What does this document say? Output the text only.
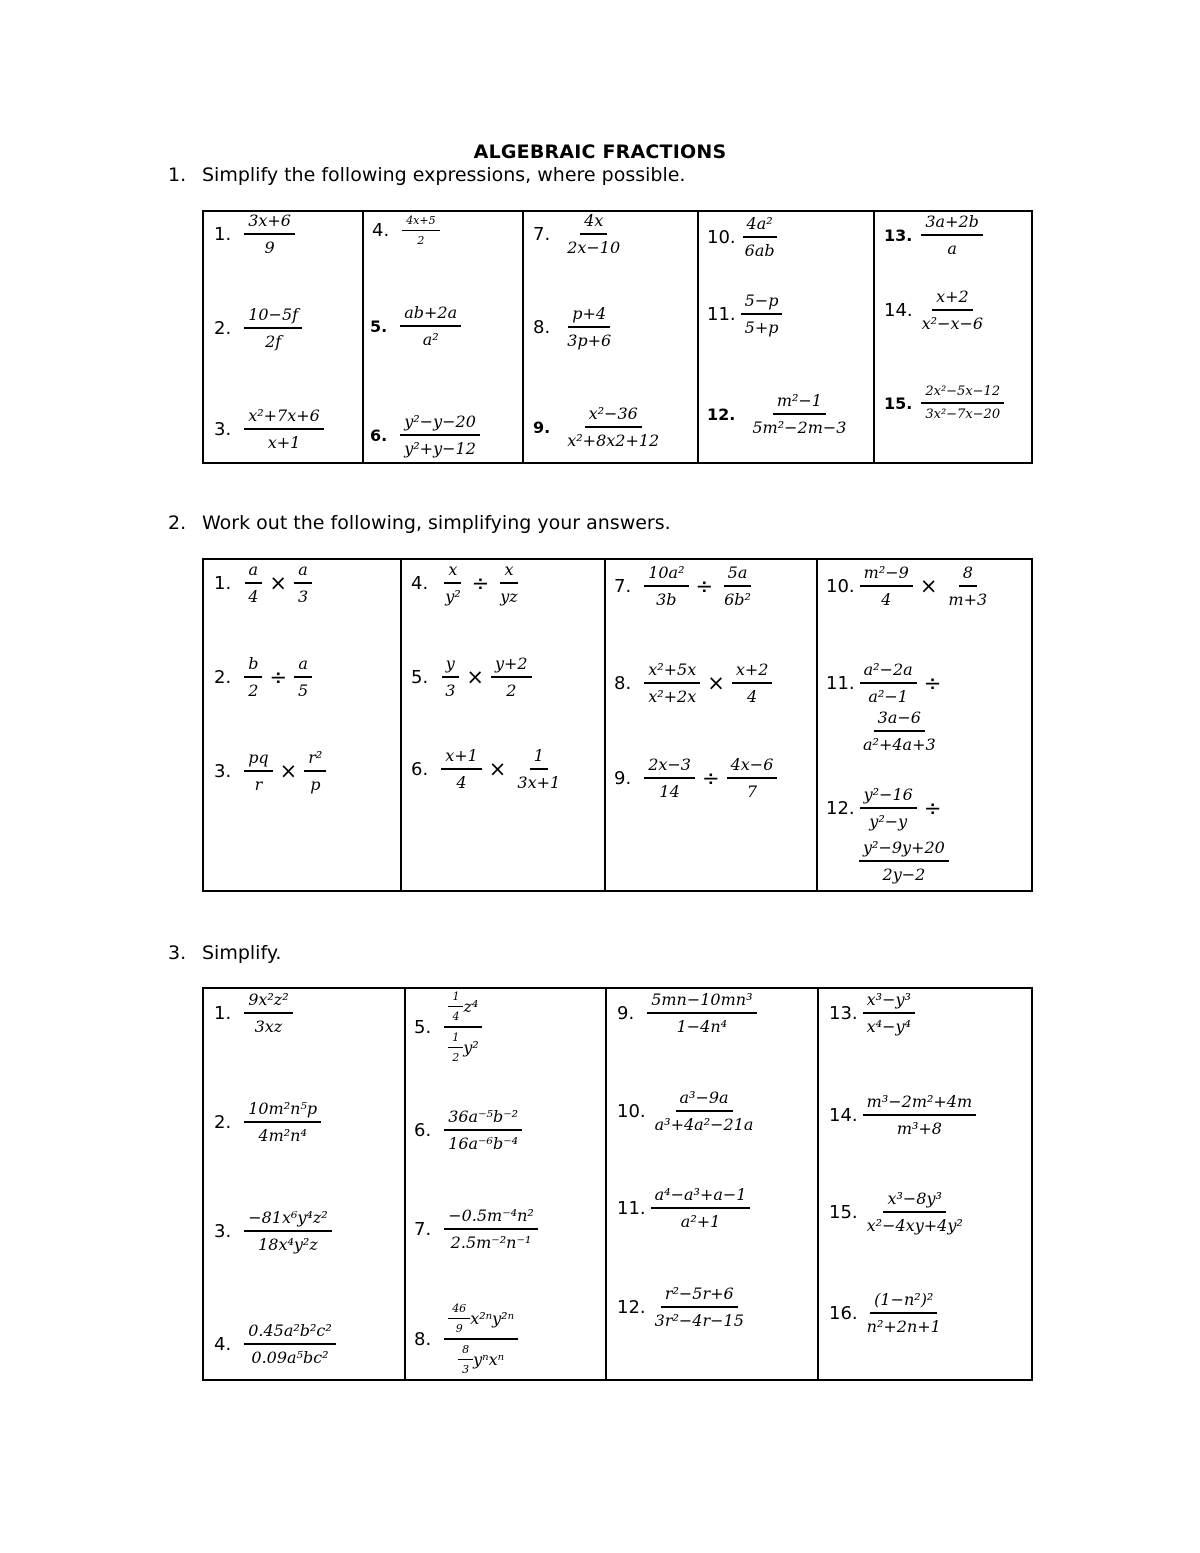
ALGEBRAIC FRACTIONS
1. Simplify the following expressions, where possible.
1. $\frac{3x+6}{9}$
2. $\frac{10-5f}{2f}$
3. $\frac{\text{x²+7x+6}}{x+1}$
4. $\frac{4x+5}{2}$
5. $\frac{ab+2a}{\text{a²}}$
6. $\frac{\text{y²−y−20}}{\text{y²+y−12}}$
7. $\frac{4x}{2x-10}$
8. $\frac{p+4}{3p+6}$
9. $\frac{\text{x²−36}}{\text{x²+8x2+12}}$
10. $\frac{\text{4a²}}{6ab}$
11. $\frac{5-p}{5+p}$
12. $\frac{\text{m²−1}}{\text{5m²−2m−3}}$
13. $\frac{3a+2b}{a}$
14. $\frac{x+2}{\text{x²−x−6}}$
15. $\frac{\text{2x²−5x−12}}{\text{3x²−7x−20}}$
2. Work out the following, simplifying your answers.
1. $\frac{a}{4} \times \frac{a}{3}$
2. $\frac{b}{2} \div \frac{a}{5}$
3. $\frac{pq}{r} \times \frac{\text{r²}}{p}$
4. $\frac{x}{\text{y²}} \div \frac{x}{yz}$
5. $\frac{y}{3} \times \frac{y+2}{2}$
6. $\frac{x+1}{4} \times \frac{1}{3x+1}$
7. $\frac{\text{10a²}}{3b} \div \frac{5a}{\text{6b²}}$
8. $\frac{\text{x²+5x}}{\text{x²+2x}} \times \frac{x+2}{4}$
9. $\frac{2x-3}{14} \div \frac{4x-6}{7}$
10. $\frac{\text{m²−9}}{4} \times \frac{8}{m+3}$
11. $\frac{\text{a²−2a}}{\text{a²−1}}$ ÷
$\frac{3a-6}{\text{a²+4a+3}}$
12. $\frac{\text{y²−16}}{\text{y²−y}}$ ÷
$\frac{\text{y²−9y+20}}{2y-2}$
3. Simplify.
1. $\frac{\text{9x²z²}}{3xz}$
2. $\frac{\text{10m²n⁵p}}{\text{4m²n⁴}}$
3. $\frac{\text{−81x⁶y⁴z²}}{\text{18x⁴y²z}}$
4. $\frac{\text{0.45a²b²c²}}{\text{0.09a⁵bc²}}$
5. $\frac{\frac{1}{4} z^4}{\frac{1}{2} y^2}$
6. $\frac{\text{36a⁻⁵b⁻²}}{\text{16a⁻⁶b⁻⁴}}$
7. $\frac{\text{−0.5m⁻⁴n²}}{\text{2.5m⁻²n⁻¹}}$
8. $\frac{\frac{46}{9} x^{2n}y^{2n}}{\frac{8}{3} y^nx^n}$
9. $\frac{\text{5mn−10mn³}}{\text{1−4n⁴}}$
10. $\frac{\text{a³−9a}}{\text{a³+4a²−21a}}$
11. $\frac{\text{a⁴−a³+a−1}}{\text{a²+1}}$
12. $\frac{\text{r²−5r+6}}{\text{3r²−4r−15}}$
13. $\frac{\text{x³−y³}}{\text{x⁴−y⁴}}$
14. $\frac{\text{m³−2m²+4m}}{\text{m³+8}}$
15. $\frac{\text{x³−8y³}}{\text{x²−4xy+4y²}}$
16. $\frac{\text{(1−n²)²}}{\text{n²+2n+1}}$
